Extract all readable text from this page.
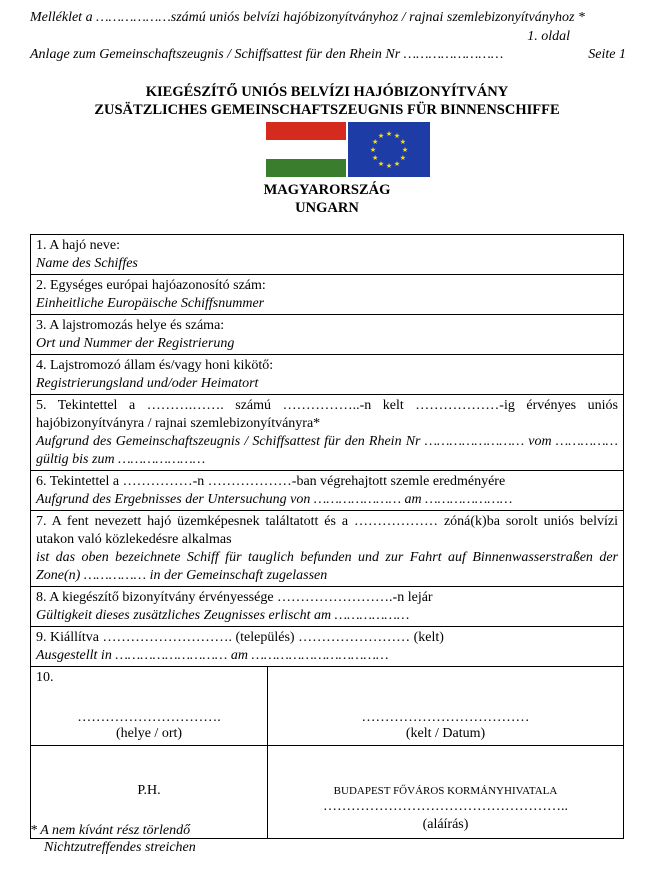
Melléklet a ………………számú uniós belvízi hajóbizonyítványhoz / rajnai szemlebizonyítványhoz *
1. oldal
Anlage zum Gemeinschaftszeugnis / Schiffsattest für den Rhein Nr ……………………	Seite 1
KIEGÉSZÍTŐ UNIÓS BELVÍZI HAJÓBIZONYÍTVÁNY
ZUSÄTZLICHES GEMEINSCHAFTSZEUGNIS FÜR BINNENSCHIFFE
★ ★
★
★
★
★
★
★
★
★
★
★
MAGYARORSZÁG
UNGARN
1. A hajó neve:
Name des Schiffes
2. Egységes európai hajóazonosító szám:
Einheitliche Europäische Schiffsnummer
3. A lajstromozás helye és száma:
Ort und Nummer der Registrierung
4. Lajstromozó állam és/vagy honi kikötő:
Registrierungsland und/oder Heimatort
5. Tekintettel a ……….……. számú ……………..-n kelt ………………-ig érvényes uniós hajóbizonyítványra / rajnai szemlebizonyítványra*
Aufgrund des Gemeinschaftszeugnis / Schiffsattest für den Rhein Nr …………………… vom …………… gültig bis zum …………………
6. Tekintettel a ……………-n ………………-ban végrehajtott szemle eredményére
Aufgrund des Ergebnisses der Untersuchung von ………………… am …………………
7. A fent nevezett hajó üzemképesnek találtatott és a ……………… zóná(k)ba sorolt uniós belvízi utakon való közlekedésre alkalmas
ist das oben bezeichnete Schiff für tauglich befunden und zur Fahrt auf Binnenwasserstraßen der Zone(n) …………… in der Gemeinschaft zugelassen
8. A kiegészítő bizonyítvány érvényessége …………………….-n lejár
Gültigkeit dieses zusätzliches Zeugnisses erlischt am ………………
9. Kiállítva ………………………. (település) …………………… (kelt)
Ausgestellt in ……………………… am ……………………………
10.
………………………….
(helye / ort)
………………………………
(kelt / Datum)
P.H.	BUDAPEST FŐVÁROS KORMÁNYHIVATALA
……………………………………………..
(aláírás)
* A nem kívánt rész törlendő
Nichtzutreffendes streichen
